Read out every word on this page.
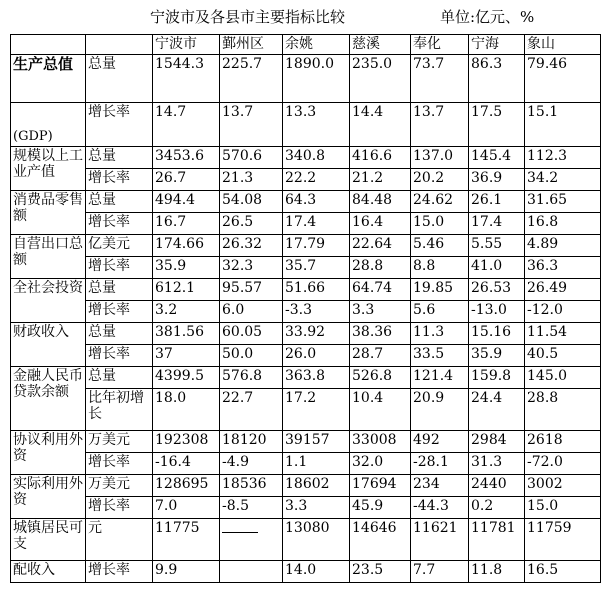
宁波市及各县市主要指标比较	单位:亿元、%
		宁波市	鄞州区	余姚	慈溪	奉化	宁海	象山
生产总值	总量	1544.3	225.7	1890.0	235.0	73.7	86.3	79.46
(GDP)	增长率	14.7	13.7	13.3	14.4	13.7	17.5	15.1
规模以上工业产值	总量	3453.6	570.6	340.8	416.6	137.0	145.4	112.3
	增长率	26.7	21.3	22.2	21.2	20.2	36.9	34.2
消费品零售额	总量	494.4	54.08	64.3	84.48	24.62	26.1	31.65
	增长率	16.7	26.5	17.4	16.4	15.0	17.4	16.8
自营出口总额	亿美元	174.66	26.32	17.79	22.64	5.46	5.55	4.89
	增长率	35.9	32.3	35.7	28.8	8.8	41.0	36.3
全社会投资	总量	612.1	95.57	51.66	64.74	19.85	26.53	26.49
	增长率	3.2	6.0	-3.3	3.3	5.6	-13.0	-12.0
财政收入	总量	381.56	60.05	33.92	38.36	11.3	15.16	11.54
	增长率	37	50.0	26.0	28.7	33.5	35.9	40.5
金融人民币贷款余额	总量	4399.5	576.8	363.8	526.8	121.4	159.8	145.0
	比年初增长	18.0	22.7	17.2	10.4	20.9	24.4	28.8
协议利用外资	万美元	192308	18120	39157	33008	492	2984	2618
	增长率	-16.4	-4.9	1.1	32.0	-28.1	31.3	-72.0
实际利用外资	万美元	128695	18536	18602	17694	234	2440	3002
	增长率	7.0	-8.5	3.3	45.9	-44.3	0.2	15.0
城镇居民可支	元	11775		13080	14646	11621	11781	11759
配收入	增长率	9.9		14.0	23.5	7.7	11.8	16.5
